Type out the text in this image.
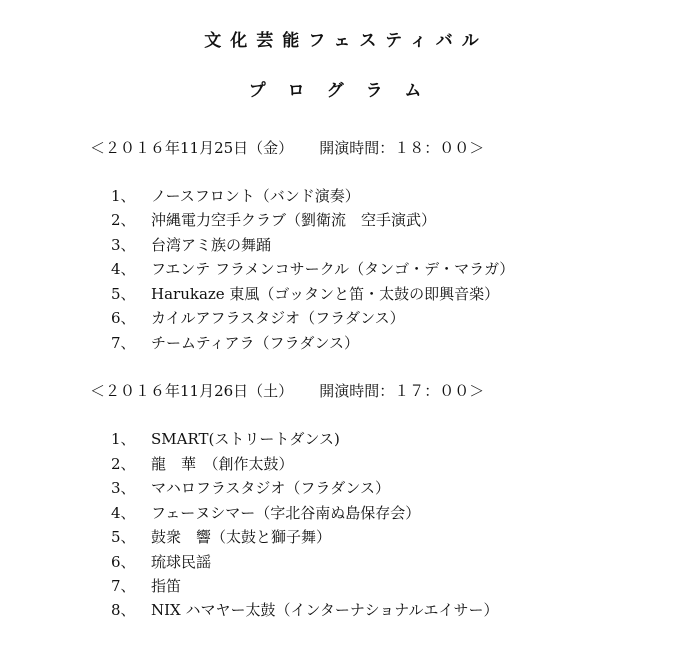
文化芸能フェスティバル
プログラム
＜２０１６年11月25日（金） 開演時間：１８：００＞
1、	ノースフロント（バンド演奏）
2、	沖縄電力空手クラブ（劉衛流　空手演武）
3、	台湾アミ族の舞踊
4、	フエンテ フラメンコサークル（タンゴ・デ・マラガ）
5、	Harukaze 東風（ゴッタンと笛・太鼓の即興音楽）
6、	カイルアフラスタジオ（フラダンス）
7、	チームティアラ（フラダンス）
＜２０１６年11月26日（土） 開演時間：１７：００＞
1、	SMART(ストリートダンス)
2、	龍　華　（創作太鼓）
3、	マハロフラスタジオ（フラダンス）
4、	フェーヌシマー（字北谷南ぬ島保存会）
5、	鼓衆　響（太鼓と獅子舞）
6、	琉球民謡
7、	指笛
8、	NIX ハマヤー太鼓（インターナショナルエイサー）
